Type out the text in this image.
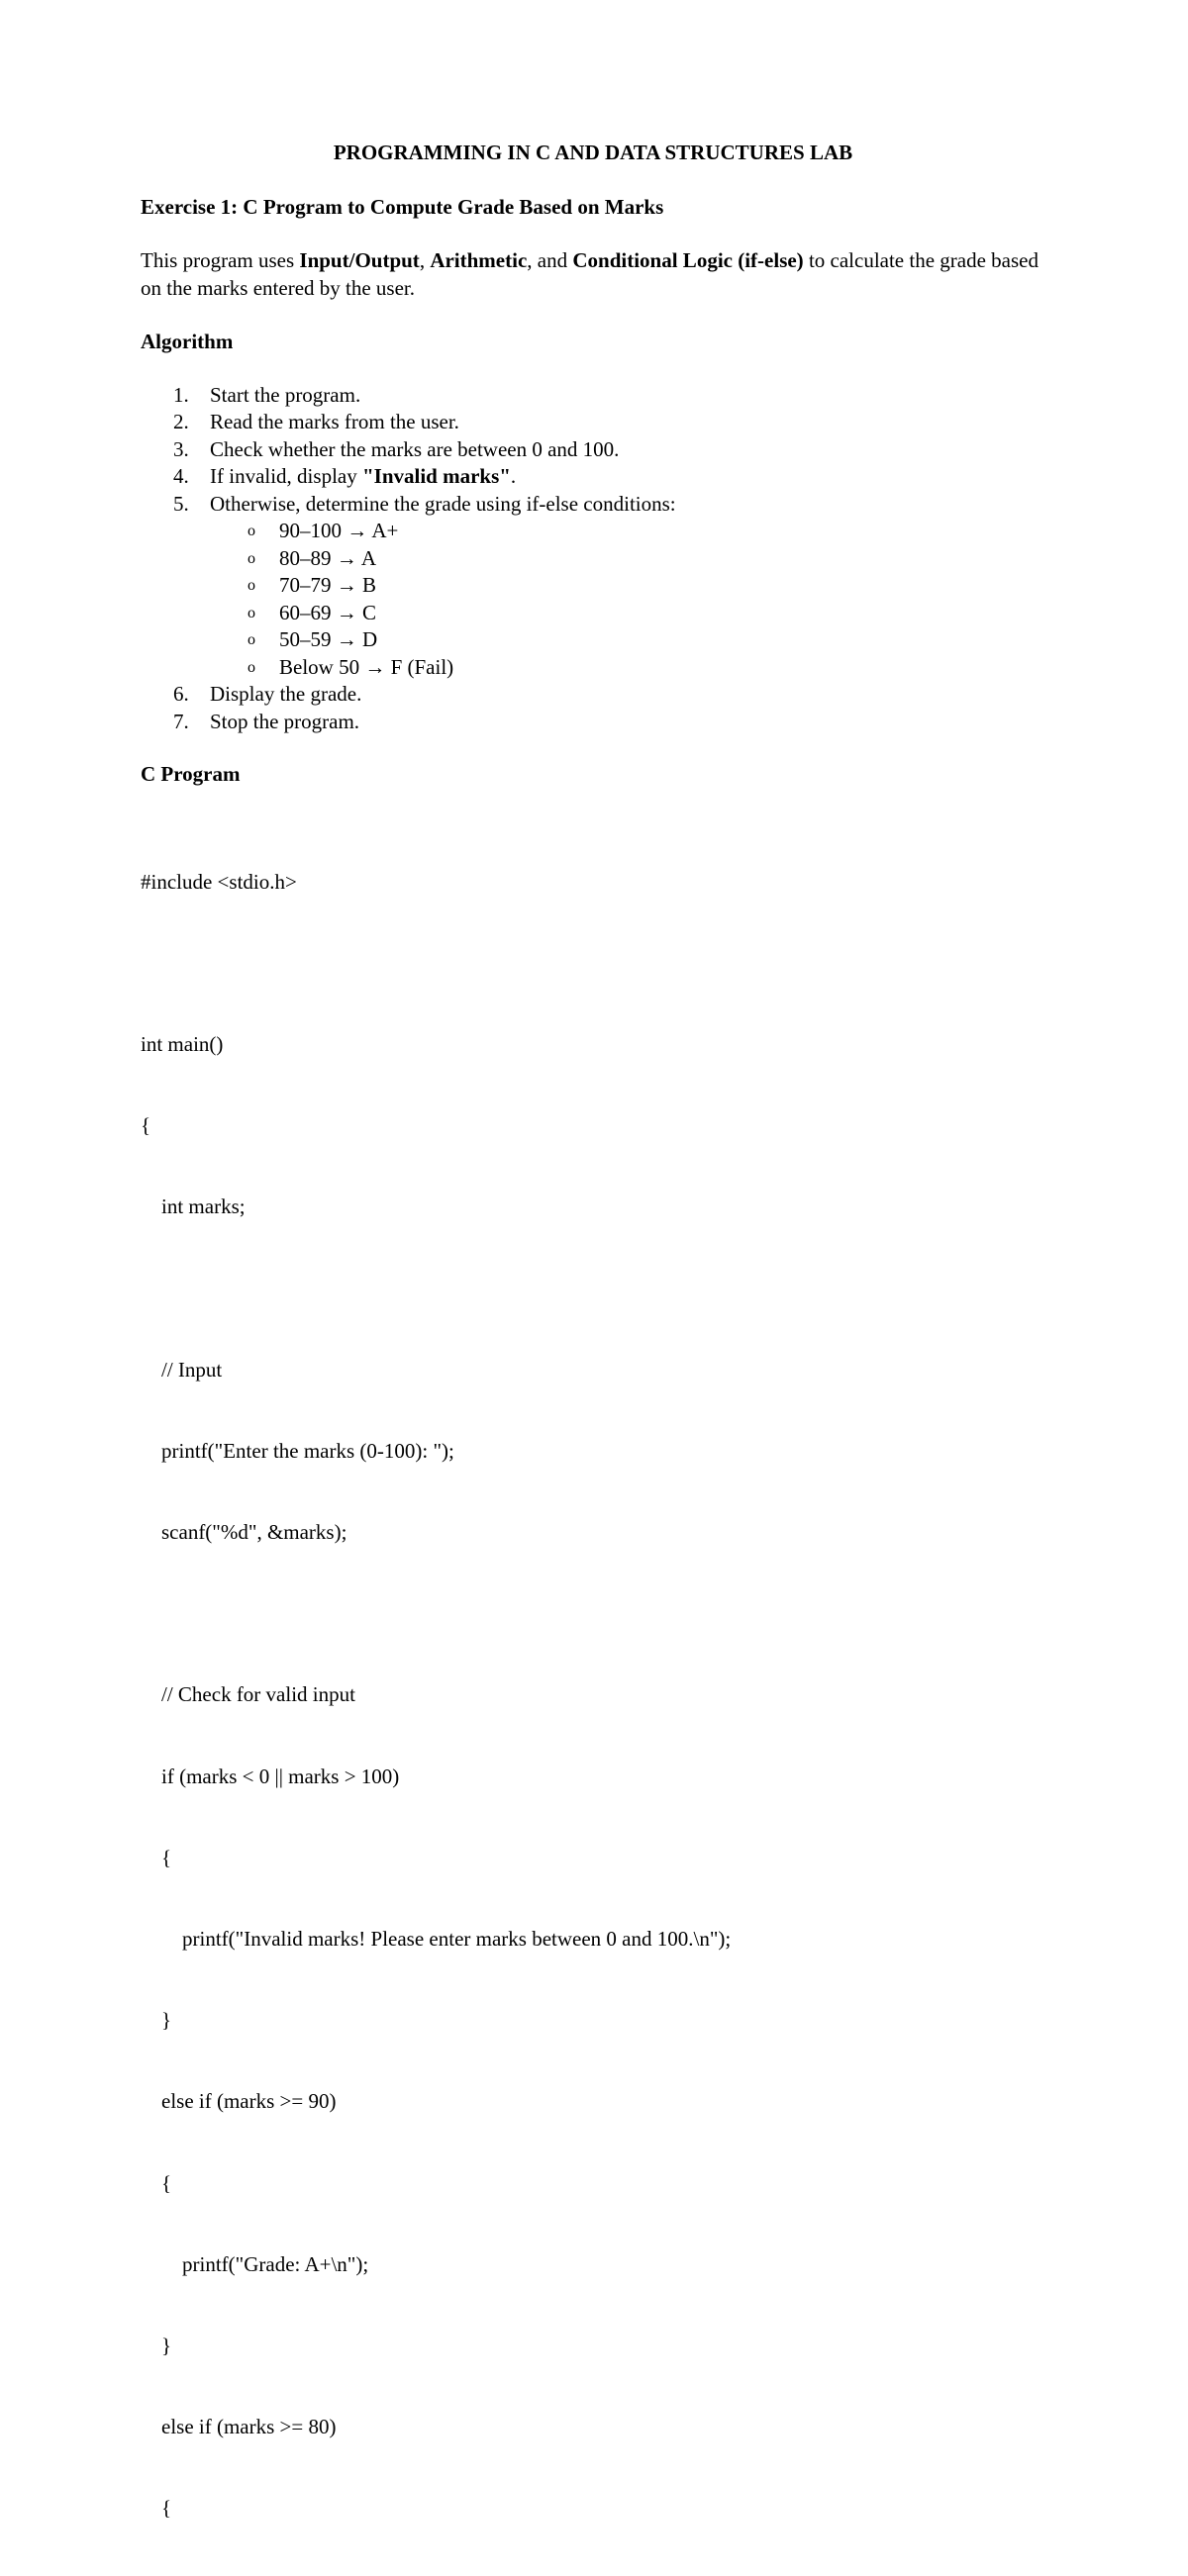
PROGRAMMING IN C AND DATA STRUCTURES LAB
Exercise 1: C Program to Compute Grade Based on Marks
This program uses Input/Output, Arithmetic, and Conditional Logic (if-else) to calculate the grade based on the marks entered by the user.
Algorithm
1. Start the program.
2. Read the marks from the user.
3. Check whether the marks are between 0 and 100.
4. If invalid, display "Invalid marks".
5. Otherwise, determine the grade using if-else conditions:
o 90–100 → A+
o 80–89 → A
o 70–79 → B
o 60–69 → C
o 50–59 → D
o Below 50 → F (Fail)
6. Display the grade.
7. Stop the program.
C Program

#include <stdio.h>

int main()

{

int marks;

// Input

printf("Enter the marks (0-100): ");

scanf("%d", &marks);

// Check for valid input

if (marks < 0 || marks > 100)

{

printf("Invalid marks! Please enter marks between 0 and 100.\n");

}

else if (marks >= 90)

{

printf("Grade: A+\n");

}

else if (marks >= 80)

{
